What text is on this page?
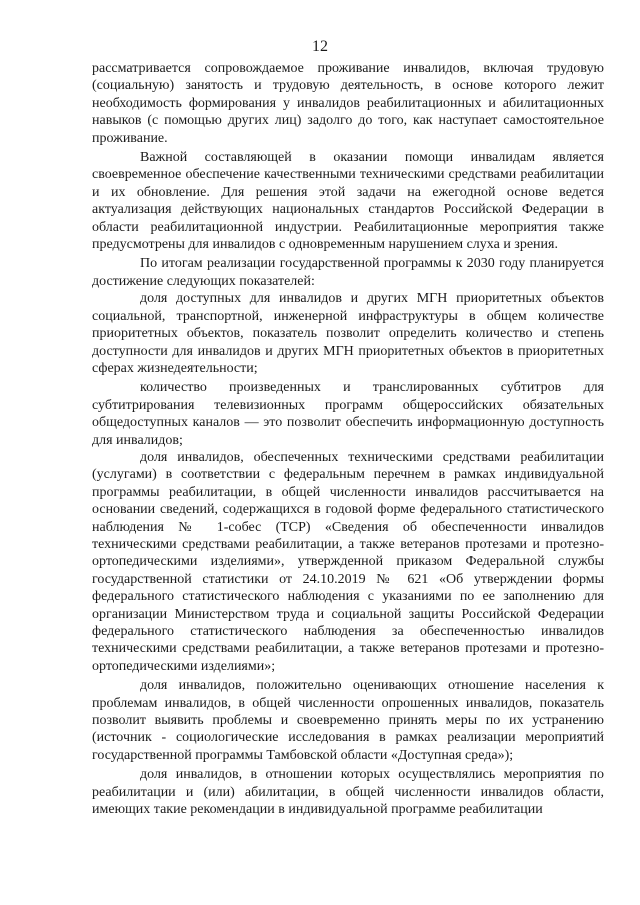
12

рассматривается сопровождаемое проживание инвалидов, включая трудовую (социальную) занятость и трудовую деятельность, в основе которого лежит необходимость формирования у инвалидов реабилитационных и абилитационных навыков (с помощью других лиц) задолго до того, как наступает самостоятельное проживание.

Важной составляющей в оказании помощи инвалидам является своевременное обеспечение качественными техническими средствами реабилитации и их обновление. Для решения этой задачи на ежегодной основе ведется актуализация действующих национальных стандартов Российской Федерации в области реабилитационной индустрии. Реабилитационные мероприятия также предусмотрены для инвалидов с одновременным нарушением слуха и зрения.

По итогам реализации государственной программы к 2030 году планируется достижение следующих показателей:

доля доступных для инвалидов и других МГН приоритетных объектов социальной, транспортной, инженерной инфраструктуры в общем количестве приоритетных объектов, показатель позволит определить количество и степень доступности для инвалидов и других МГН приоритетных объектов в приоритетных сферах жизнедеятельности;

количество произведенных и транслированных субтитров для субтитрирования телевизионных программ общероссийских обязательных общедоступных каналов — это позволит обеспечить информационную доступность для инвалидов;

доля инвалидов, обеспеченных техническими средствами реабилитации (услугами) в соответствии с федеральным перечнем в рамках индивидуальной программы реабилитации, в общей численности инвалидов рассчитывается на основании сведений, содержащихся в годовой форме федерального статистического наблюдения № 1-собес (ТСР) «Сведения об обеспеченности инвалидов техническими средствами реабилитации, а также ветеранов протезами и протезно-ортопедическими изделиями», утвержденной приказом Федеральной службы государственной статистики от 24.10.2019 № 621 «Об утверждении формы федерального статистического наблюдения с указаниями по ее заполнению для организации Министерством труда и социальной защиты Российской Федерации федерального статистического наблюдения за обеспеченностью инвалидов техническими средствами реабилитации, а также ветеранов протезами и протезно-ортопедическими изделиями»;

доля инвалидов, положительно оценивающих отношение населения к проблемам инвалидов, в общей численности опрошенных инвалидов, показатель позволит выявить проблемы и своевременно принять меры по их устранению (источник - социологические исследования в рамках реализации мероприятий государственной программы Тамбовской области «Доступная среда»);

доля инвалидов, в отношении которых осуществлялись мероприятия по реабилитации и (или) абилитации, в общей численности инвалидов области, имеющих такие рекомендации в индивидуальной программе реабилитации
